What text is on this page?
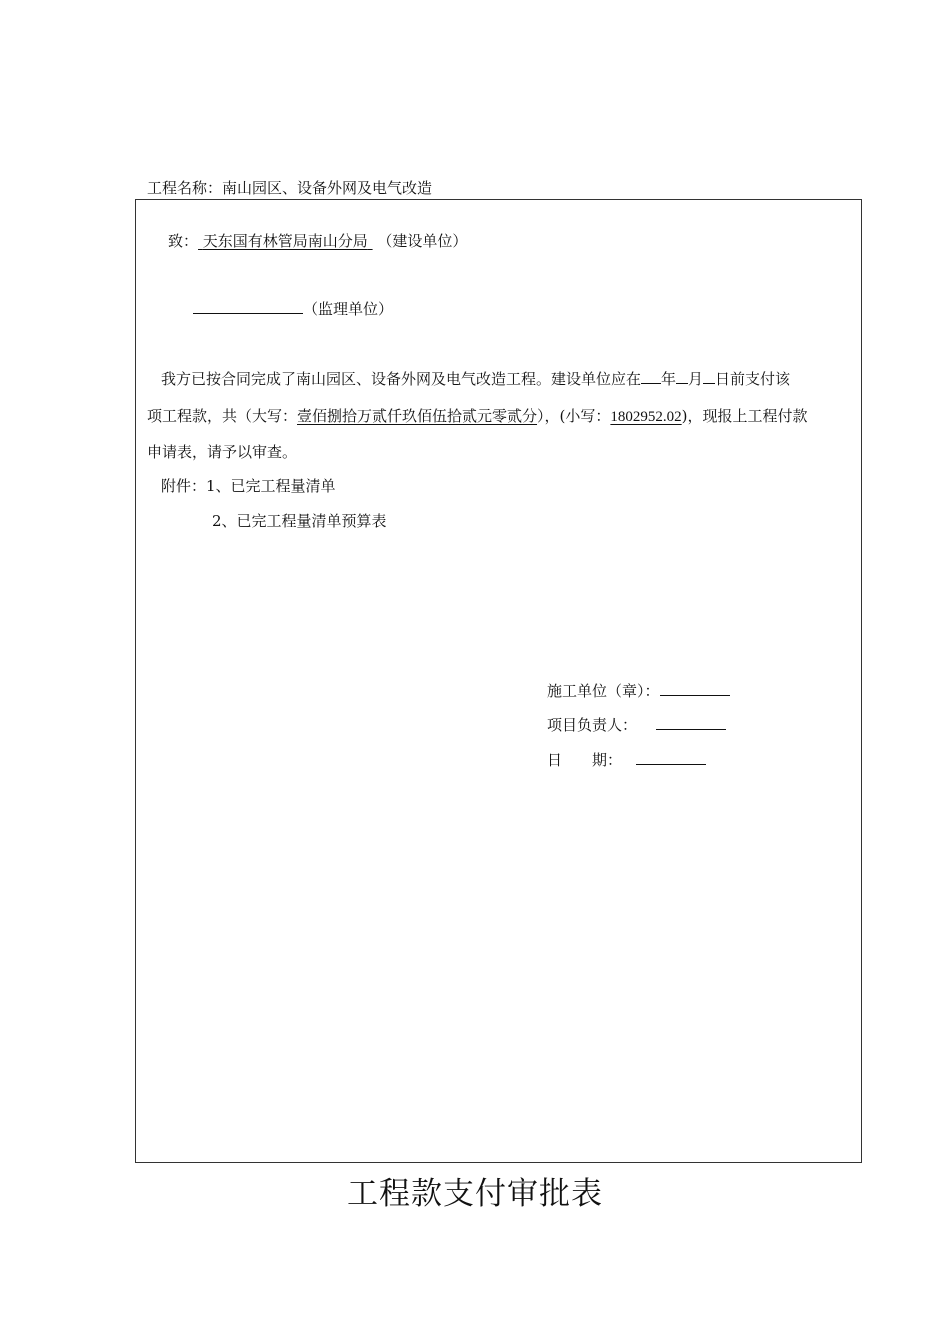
工程名称：南山园区、设备外网及电气改造
致： 天东国有林管局南山分局 （建设单位）
（监理单位）
我方已按合同完成了南山园区、设备外网及电气改造工程。建设单位应在 年 月 日前支付该
项工程款，共（大写：壹佰捌拾万贰仟玖佰伍拾贰元零贰分），(小写：1802952.02)，现报上工程付款
申请表，请予以审查。
附件：1、已完工程量清单
2、已完工程量清单预算表
施工单位（章）：
项目负责人：
日　　期：
工程款支付审批表
